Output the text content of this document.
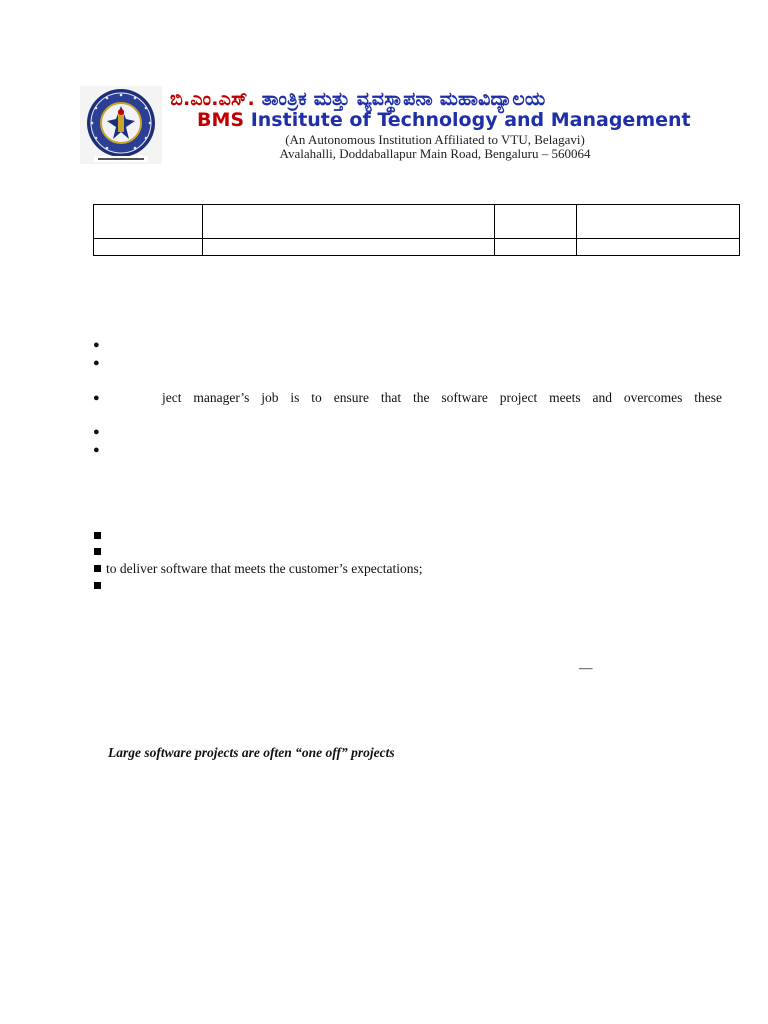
ಬಿ.ಎಂ.ಎಸ್. ತಾಂತ್ರಿಕ ಮತ್ತು ವ್ಯವಸ್ಥಾಪನಾ ಮಹಾವಿದ್ಯಾಲಯ
BMS Institute of Technology and Management
(An Autonomous Institution Affiliated to VTU, Belagavi)
Avalahalli, Doddaballapur Main Road, Bengaluru – 560064

●
●
●	ject manager’s job is to ensure that the software project meets and overcomes these
●
●
to deliver software that meets the customer’s expectations;
—
Large software projects are often “one off” projects
